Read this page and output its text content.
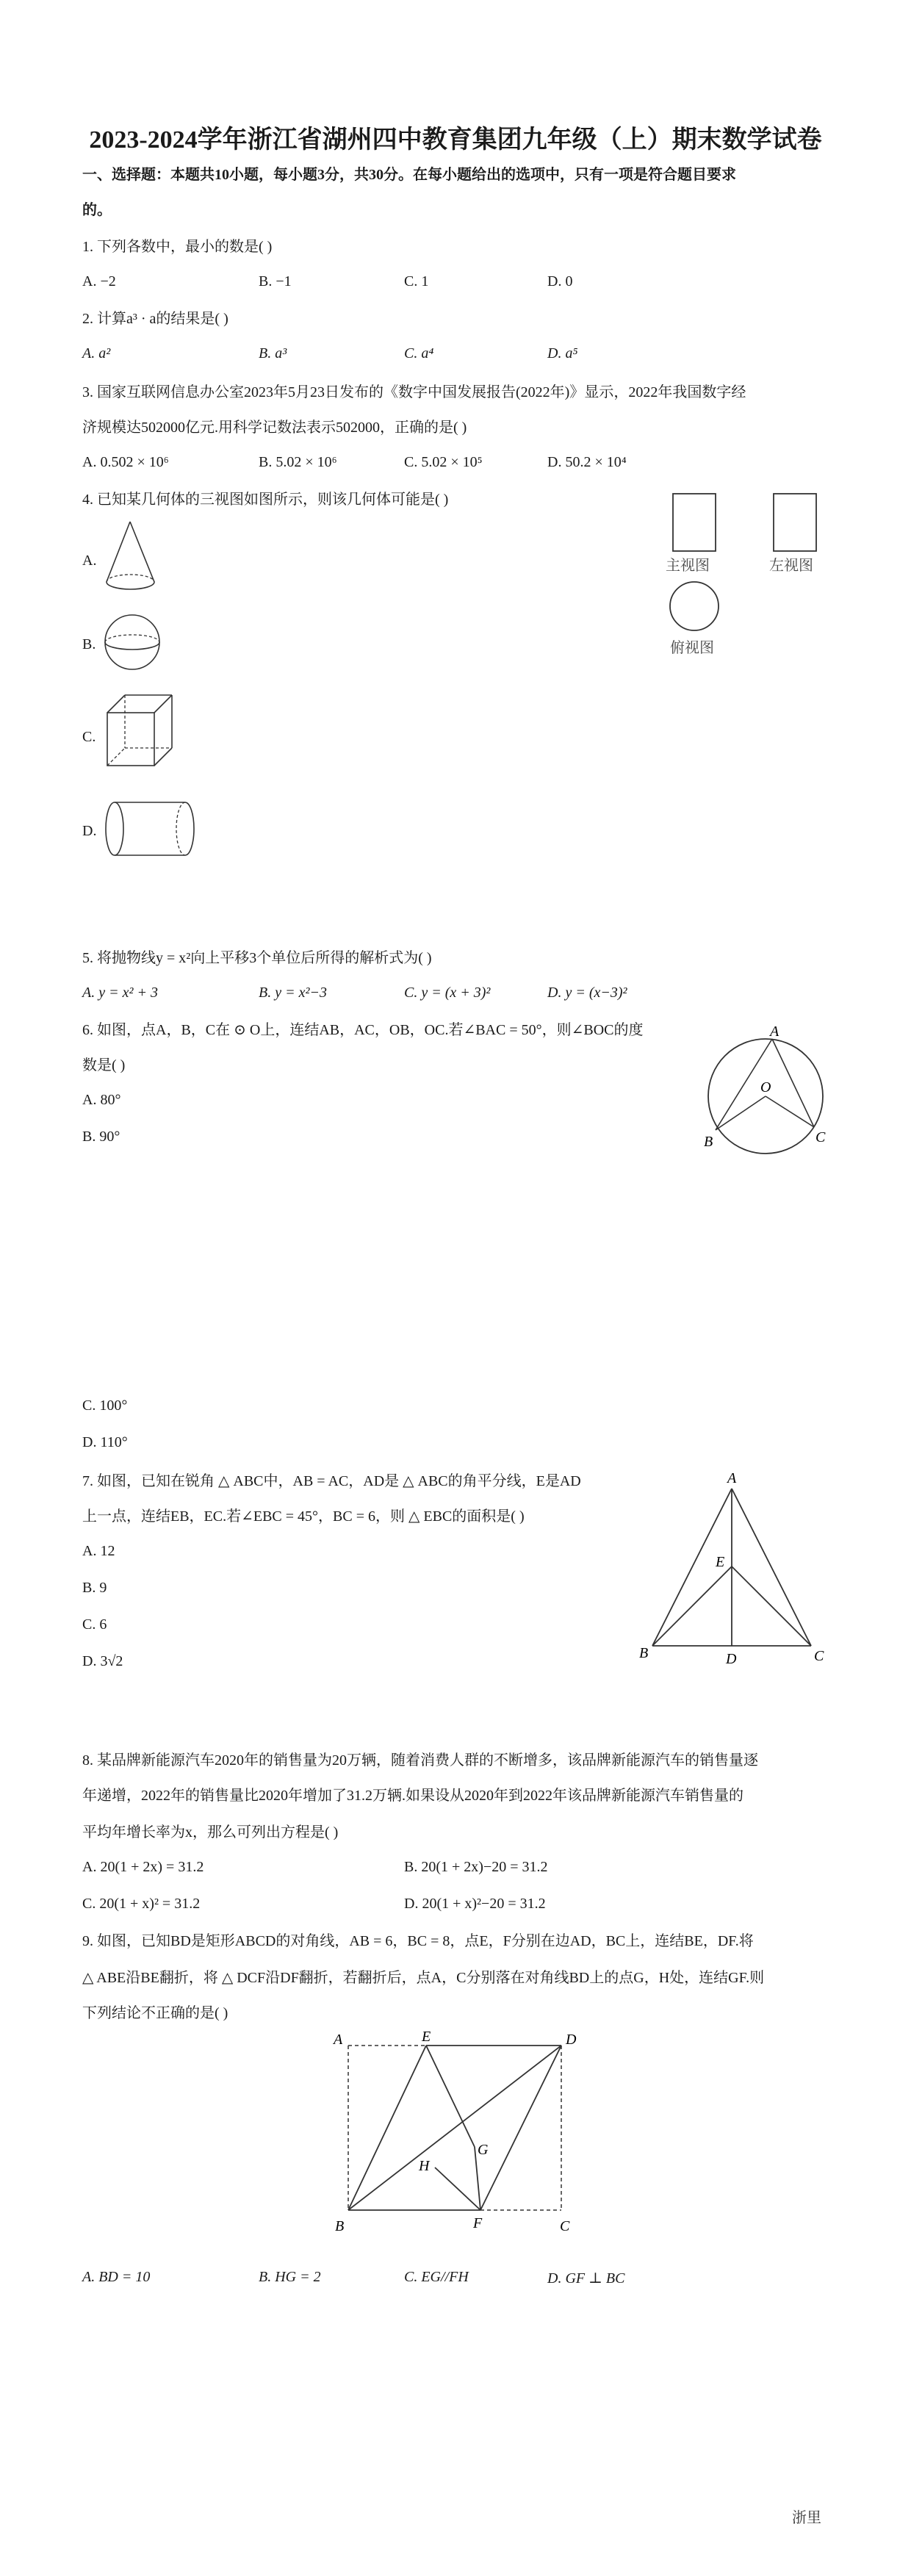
2023-2024学年浙江省湖州四中教育集团九年级（上）期末数学试卷
一、选择题：本题共10小题，每小题3分，共30分。在每小题给出的选项中，只有一项是符合题目要求
的。
1. 下列各数中，最小的数是( )
A. −2	B. −1	C. 1	D. 0
2. 计算a³ · a的结果是( )
A. a²	B. a³	C. a⁴	D. a⁵
3. 国家互联网信息办公室2023年5月23日发布的《数字中国发展报告(2022年)》显示，2022年我国数字经
济规模达502000亿元.用科学记数法表示502000，正确的是( )
A. 0.502 × 10⁶	B. 5.02 × 10⁶	C. 5.02 × 10⁵	D. 50.2 × 10⁴
4. 已知某几何体的三视图如图所示，则该几何体可能是( )
主视图	左视图
俯视图
A.
B.
C.
D.
5. 将抛物线y = x²向上平移3个单位后所得的解析式为( )
A. y = x² + 3	B. y = x²−3	C. y = (x + 3)²	D. y = (x−3)²
6. 如图，点A，B，C在 ⊙ O上，连结AB，AC，OB，OC.若∠BAC = 50°，则∠BOC的度
数是( )
A. 80°
B. 90°
C. 100°
D. 110°
A
O
B	C
7. 如图，已知在锐角 △ ABC中，AB = AC，AD是 △ ABC的角平分线，E是AD
上一点，连结EB，EC.若∠EBC = 45°，BC = 6，则 △ EBC的面积是( )
A. 12
B. 9
C. 6
D. 3√2
A
E
B	D	C
8. 某品牌新能源汽车2020年的销售量为20万辆，随着消费人群的不断增多，该品牌新能源汽车的销售量逐
年递增，2022年的销售量比2020年增加了31.2万辆.如果设从2020年到2022年该品牌新能源汽车销售量的
平均年增长率为x，那么可列出方程是( )
A. 20(1 + 2x) = 31.2	B. 20(1 + 2x)−20 = 31.2
C. 20(1 + x)² = 31.2	D. 20(1 + x)²−20 = 31.2
9. 如图，已知BD是矩形ABCD的对角线，AB = 6，BC = 8，点E，F分别在边AD，BC上，连结BE，DF.将
△ ABE沿BE翻折，将 △ DCF沿DF翻折，若翻折后，点A，C分别落在对角线BD上的点G，H处，连结GF.则
下列结论不正确的是( )
A	E	D
H
G
B	F	C
A. BD = 10	B. HG = 2	C. EG//FH	D. GF ⊥ BC
浙里
